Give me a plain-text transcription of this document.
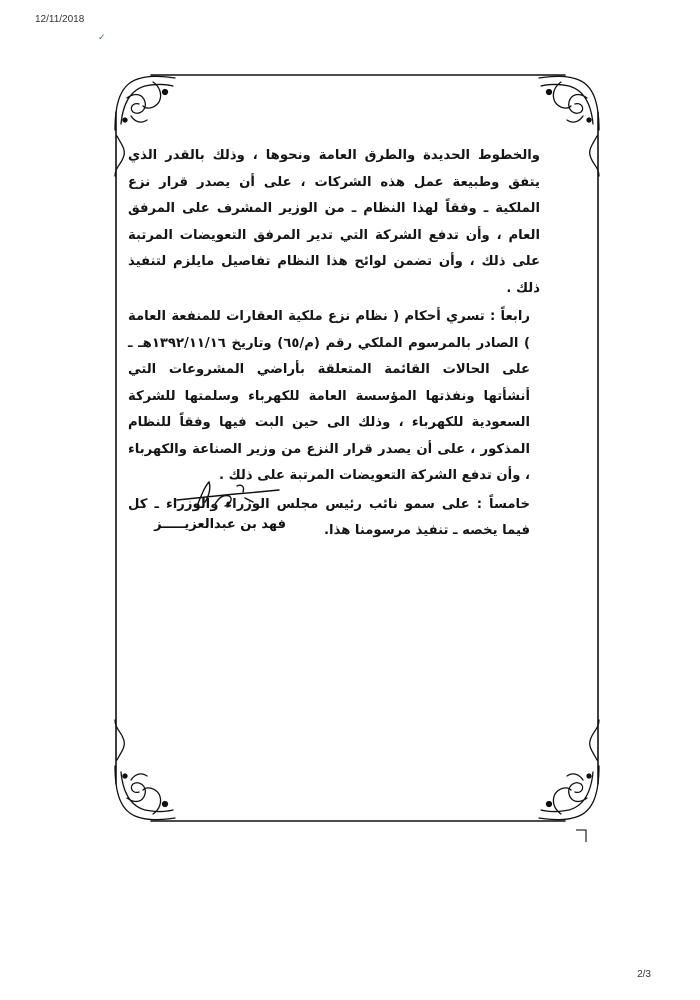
12/11/2018
✓

والخطوط الحديدة والطرق العامة ونحوها ، وذلك بالقدر الذي يتفق وطبيعة عمل هذه الشركات ، على أن يصدر قرار نزع الملكية ـ وفقاً لهذا النظام ـ من الوزير المشرف على المرفق العام ، وأن تدفع الشركة التي تدير المرفق التعويضات المرتبة على ذلك ، وأن تضمن لوائح هذا النظام تفاصيل مايلزم لتنفيذ ذلك .

رابعاً : تسري أحكام ( نظام نزع ملكية العقارات للمنفعة العامة ) الصادر بالمرسوم الملكي رقم (م/٦٥) وتاريخ ١٣٩٢/١١/١٦هـ ـ على الحالات القائمة المتعلقة بأراضي المشروعات التي أنشأتها ونفذتها المؤسسة العامة للكهرباء وسلمتها للشركة السعودية للكهرباء ، وذلك الى حين البت فيها وفقاً للنظام المذكور ، على أن يصدر قرار النزع من وزير الصناعة والكهرباء ، وأن تدفع الشركة التعويضات المرتبة على ذلك .

خامساً : على سمو نائب رئيس مجلس الوزراء والوزراء ـ كل فيما يخصه ـ تنفيذ مرسومنا هذا.

فهد بن عبدالعزيـــــز
2/3
